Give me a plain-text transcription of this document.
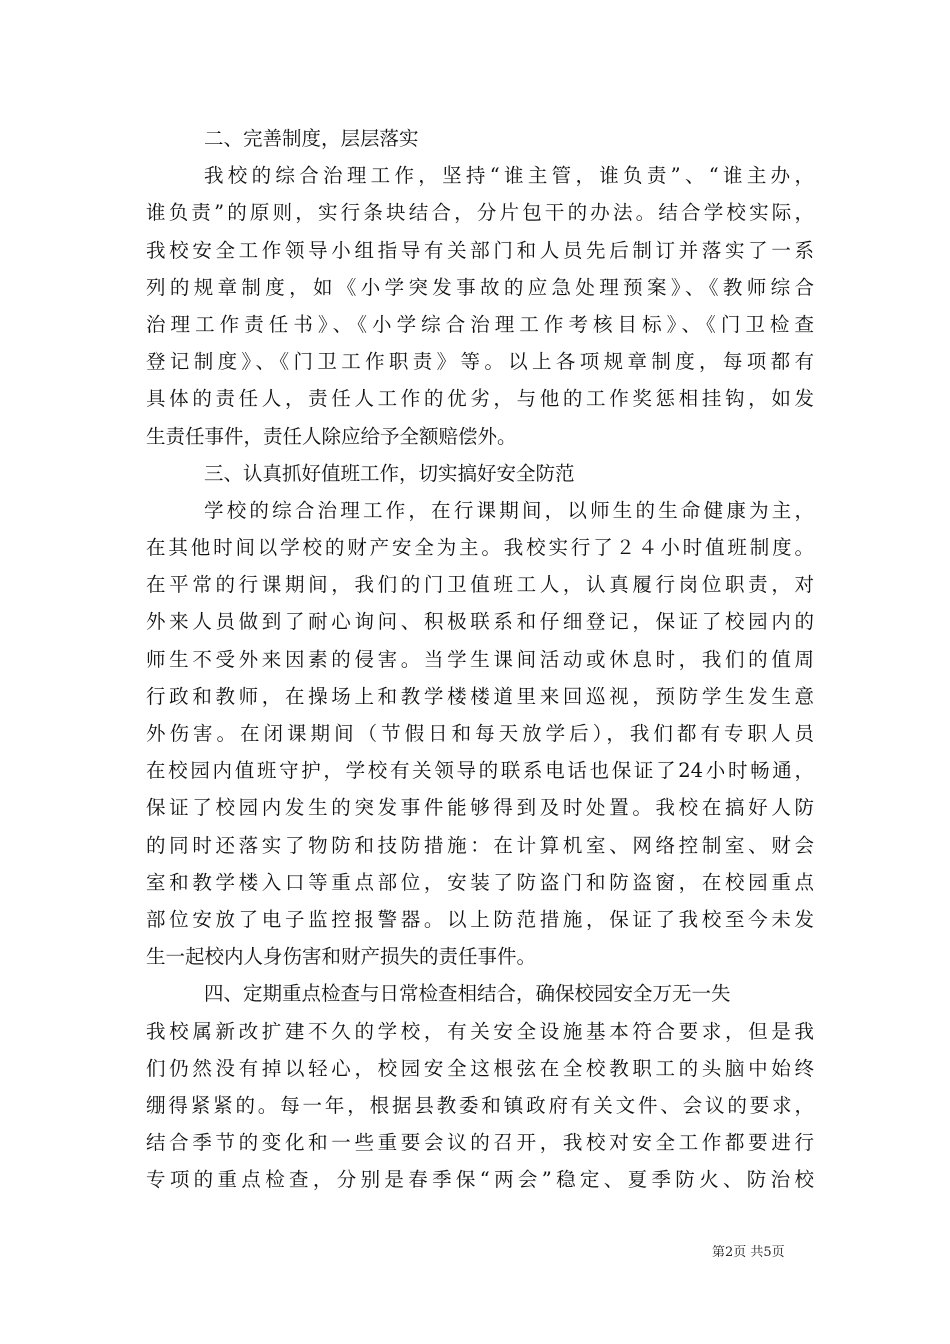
二、完善制度，层层落实
我校的综合治理工作，坚持“谁主管，谁负责”、“谁主办，
谁负责”的原则，实行条块结合，分片包干的办法。结合学校实际，
我校安全工作领导小组指导有关部门和人员先后制订并落实了一系
列的规章制度，如《小学突发事故的应急处理预案》、《教师综合
治理工作责任书》、《小学综合治理工作考核目标》、《门卫检查
登记制度》、《门卫工作职责》等。以上各项规章制度，每项都有
具体的责任人，责任人工作的优劣，与他的工作奖惩相挂钩，如发
生责任事件，责任人除应给予全额赔偿外。
三、认真抓好值班工作，切实搞好安全防范
学校的综合治理工作，在行课期间，以师生的生命健康为主，
在其他时间以学校的财产安全为主。我校实行了２４小时值班制度。
在平常的行课期间，我们的门卫值班工人，认真履行岗位职责，对
外来人员做到了耐心询问、积极联系和仔细登记，保证了校园内的
师生不受外来因素的侵害。当学生课间活动或休息时，我们的值周
行政和教师，在操场上和教学楼楼道里来回巡视，预防学生发生意
外伤害。在闭课期间（节假日和每天放学后），我们都有专职人员
在校园内值班守护，学校有关领导的联系电话也保证了24小时畅通，
保证了校园内发生的突发事件能够得到及时处置。我校在搞好人防
的同时还落实了物防和技防措施：在计算机室、网络控制室、财会
室和教学楼入口等重点部位，安装了防盗门和防盗窗，在校园重点
部位安放了电子监控报警器。以上防范措施，保证了我校至今未发
生一起校内人身伤害和财产损失的责任事件。
四、定期重点检查与日常检查相结合，确保校园安全万无一失
我校属新改扩建不久的学校，有关安全设施基本符合要求，但是我
们仍然没有掉以轻心，校园安全这根弦在全校教职工的头脑中始终
绷得紧紧的。每一年，根据县教委和镇政府有关文件、会议的要求，
结合季节的变化和一些重要会议的召开，我校对安全工作都要进行
专项的重点检查，分别是春季保“两会”稳定、夏季防火、防治校
第2页 共5页
